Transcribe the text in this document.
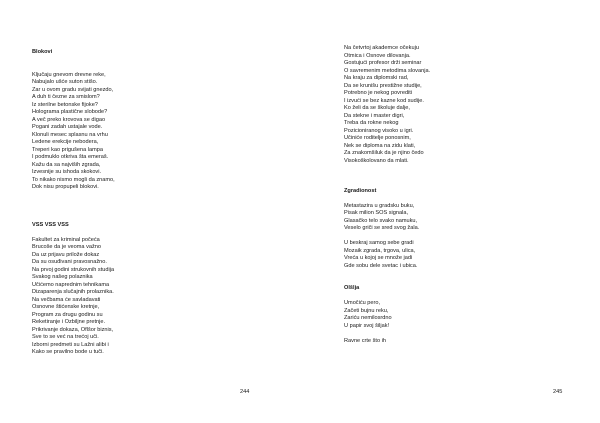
Blokovi
Ključaju gnevom drevne reke,
Nabujalo ušće suton stišo.
Zar u ovom gradu svijati gnezdo,
A duh ti čezne za smislom?
Iz sterilne betonske fijoke?
Holograma plastične slobode?
A več preko krovova se digao
Pogani zadah ustajale vode.
Klonuli mesec splasnu na vrhu
Ledene erekcije nebodera,
Treperi kao prigušena lampa
I podmuklo otkriva šta emeraš.
Kažu da sa najviših zgrada,
Izvesnije su ishoda skokovi.
To nikako nismo mogli da znamo,
Dok nisu propupeli blokovi.
VSS VSS VSS
Fakultet za kriminal počeća
Brucoše da je veoma važno
Da uz prijavu prilože dokaz
Da su osuđivani pravosnažno.
Na prvoj godini strukovnih studija
Svakog našeg polaznika
Učićemo naprednim tehnikama
Dizaparenja slučajnih prolaznika.
Na večbama će savladavati
Osnovne štićenske kretnje,
Program za drugu godinu su
Reketiranje i Ozbiljne pretnje.
Prikrivanje dokaza, Oflšor biznis,
Sve to se već na trećoj uči.
Izborni predmeti su Lažni alibi i
Kako se pravilno bode u tuči.
244
Na četvrtoj akademce očekuju
Otmica i Osnove dilovanja.
Gostujući profesor drži seminar
O savremenim metodima slovanja.
Na kraju za diplomski rad,
Da se krunišu prestižne studije,
Potrebno je nekog povrediti
I izvući se bez kazne kod sudije.
Ko želi da se školuje dalje,
Da stekne i master digri,
Treba da rokne nekog
Pozicioniranog visoko u igri.
Učiniće roditelje ponosnim,
Nek se diploma na zidu klati,
Za znakomšiluk da je njino čedo
Visokoškolovano da mlati.
Zgradionost
Metastazira u gradsku buku,
Pisak milion SOS signala,
Glasačko telo svako namuku,
Veselo griči se sred svog žala.
U beskraj samog sebe gradi
Mozaik zgrada, trgova, ulica,
Vreća u kojoj se množe jadi
Gde sobu dele svetac i ubica.
Olšlja
Umočiću pero,
Začeti bujnu reku,
Zariću nemilosrdno
U papir svoj šiljak!
Ravne crte što ih
245
